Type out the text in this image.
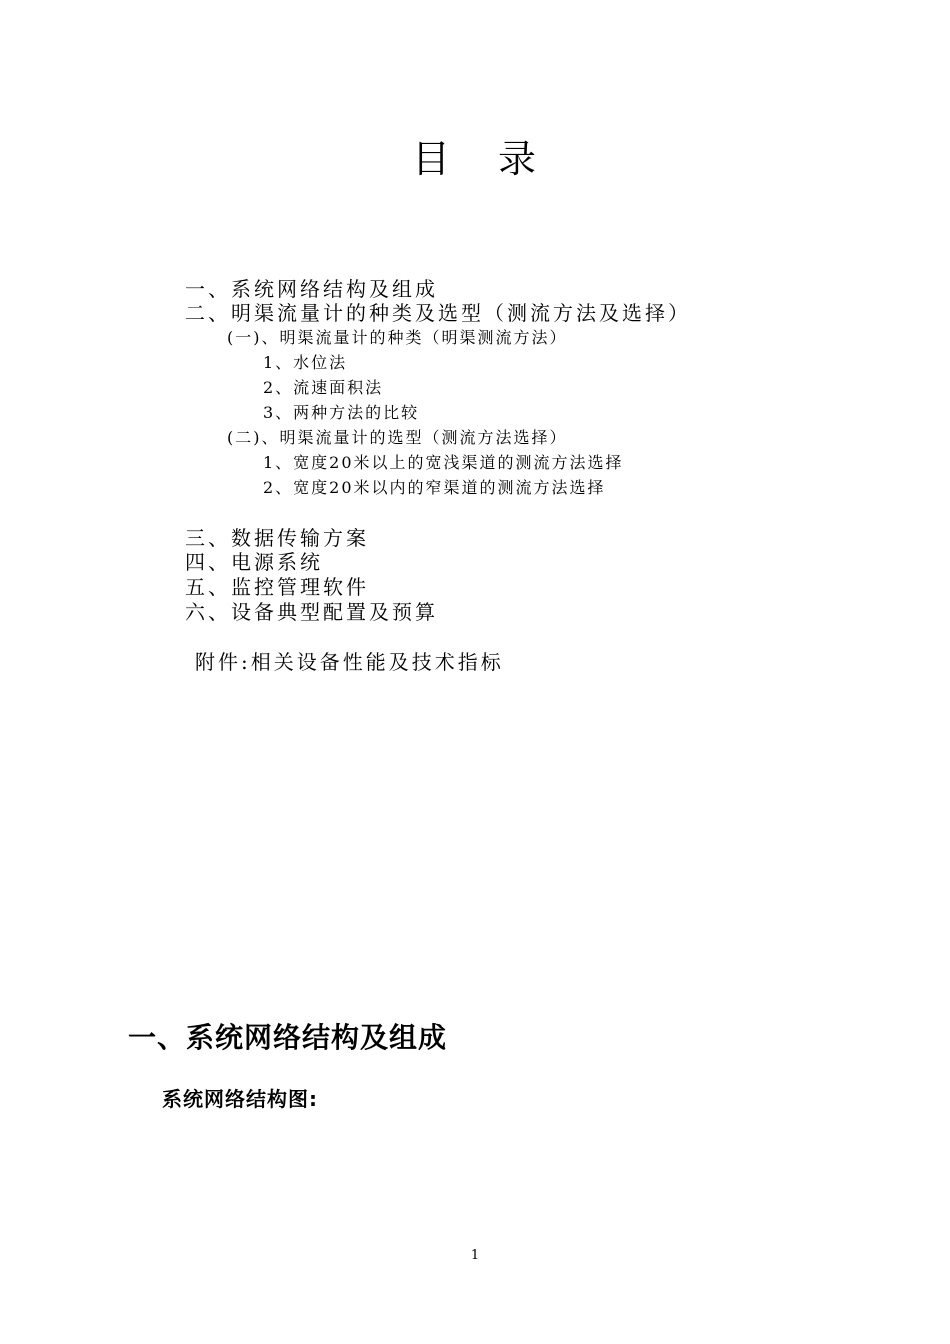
目 录
一、系统网络结构及组成
二、明渠流量计的种类及选型（测流方法及选择）
(一)、明渠流量计的种类（明渠测流方法）
1、水位法
2、流速面积法
3、两种方法的比较
(二)、明渠流量计的选型（测流方法选择）
1、宽度20米以上的宽浅渠道的测流方法选择
2、宽度20米以内的窄渠道的测流方法选择
三、数据传输方案
四、电源系统
五、监控管理软件
六、设备典型配置及预算
附件:相关设备性能及技术指标
一、系统网络结构及组成
系统网络结构图:
1
